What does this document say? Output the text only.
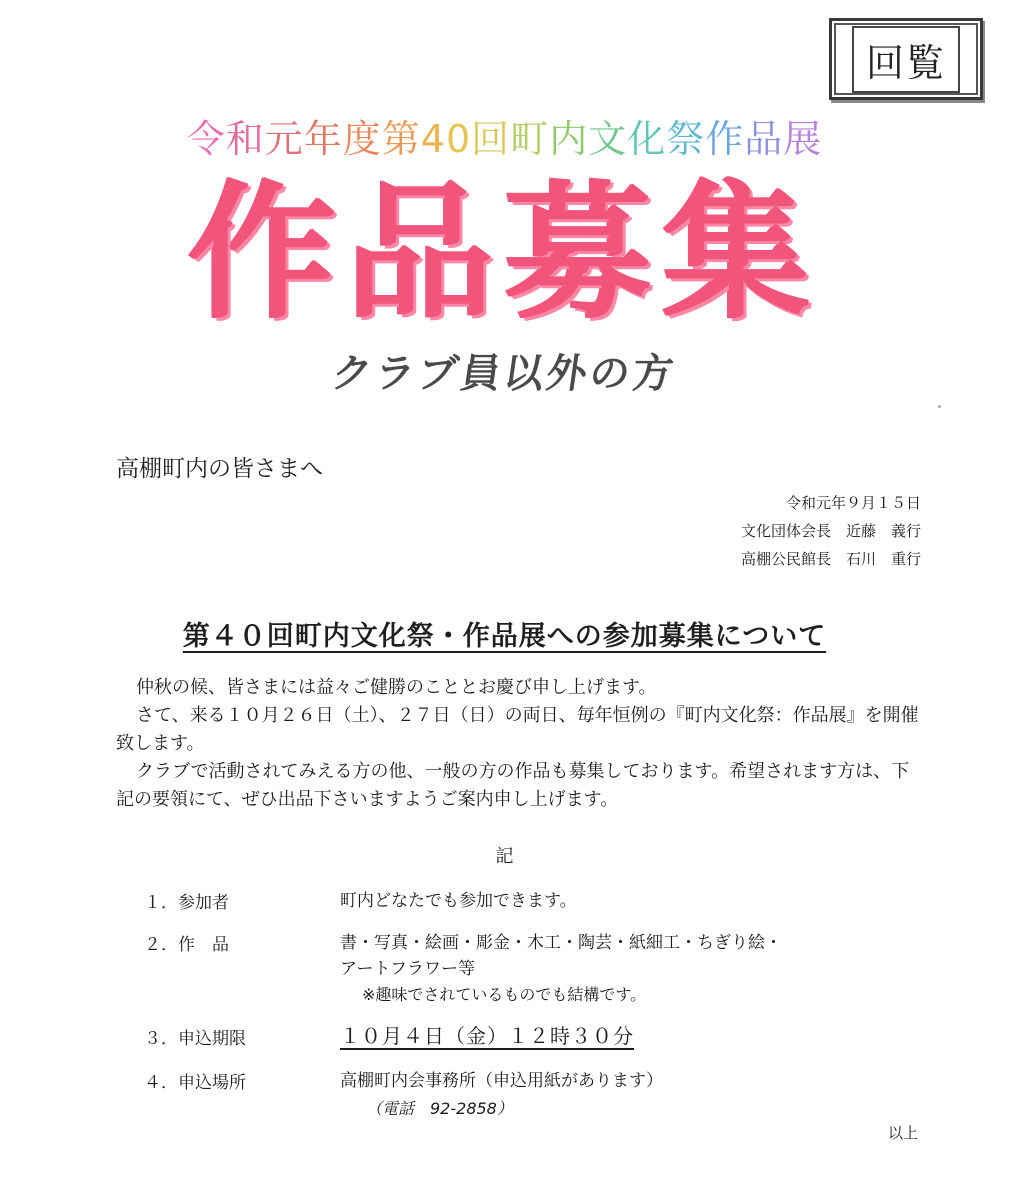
回覧
令和元年度第40回町内文化祭作品展
作品募集
クラブ員以外の方
高棚町内の皆さまへ
令和元年９月１５日
文化団体会長　近藤　義行
高棚公民館長　石川　重行
第４０回町内文化祭・作品展への参加募集について
仲秋の候、皆さまには益々ご健勝のこととお慶び申し上げます。
さて、来る１０月２６日（土）、２７日（日）の両日、毎年恒例の『町内文化祭：作品展』を開催致します。
クラブで活動されてみえる方の他、一般の方の作品も募集しております。希望されます方は、下記の要領にて、ぜひ出品下さいますようご案内申し上げます。
記
１．参加者	町内どなたでも参加できます。
２．作　品	書・写真・絵画・彫金・木工・陶芸・紙細工・ちぎり絵・
アートフラワー等
※趣味でされているものでも結構です。
３．申込期限	１０月４日（金）１２時３０分
４．申込場所	高棚町内会事務所（申込用紙があります）
（電話　92-2858）
以上
